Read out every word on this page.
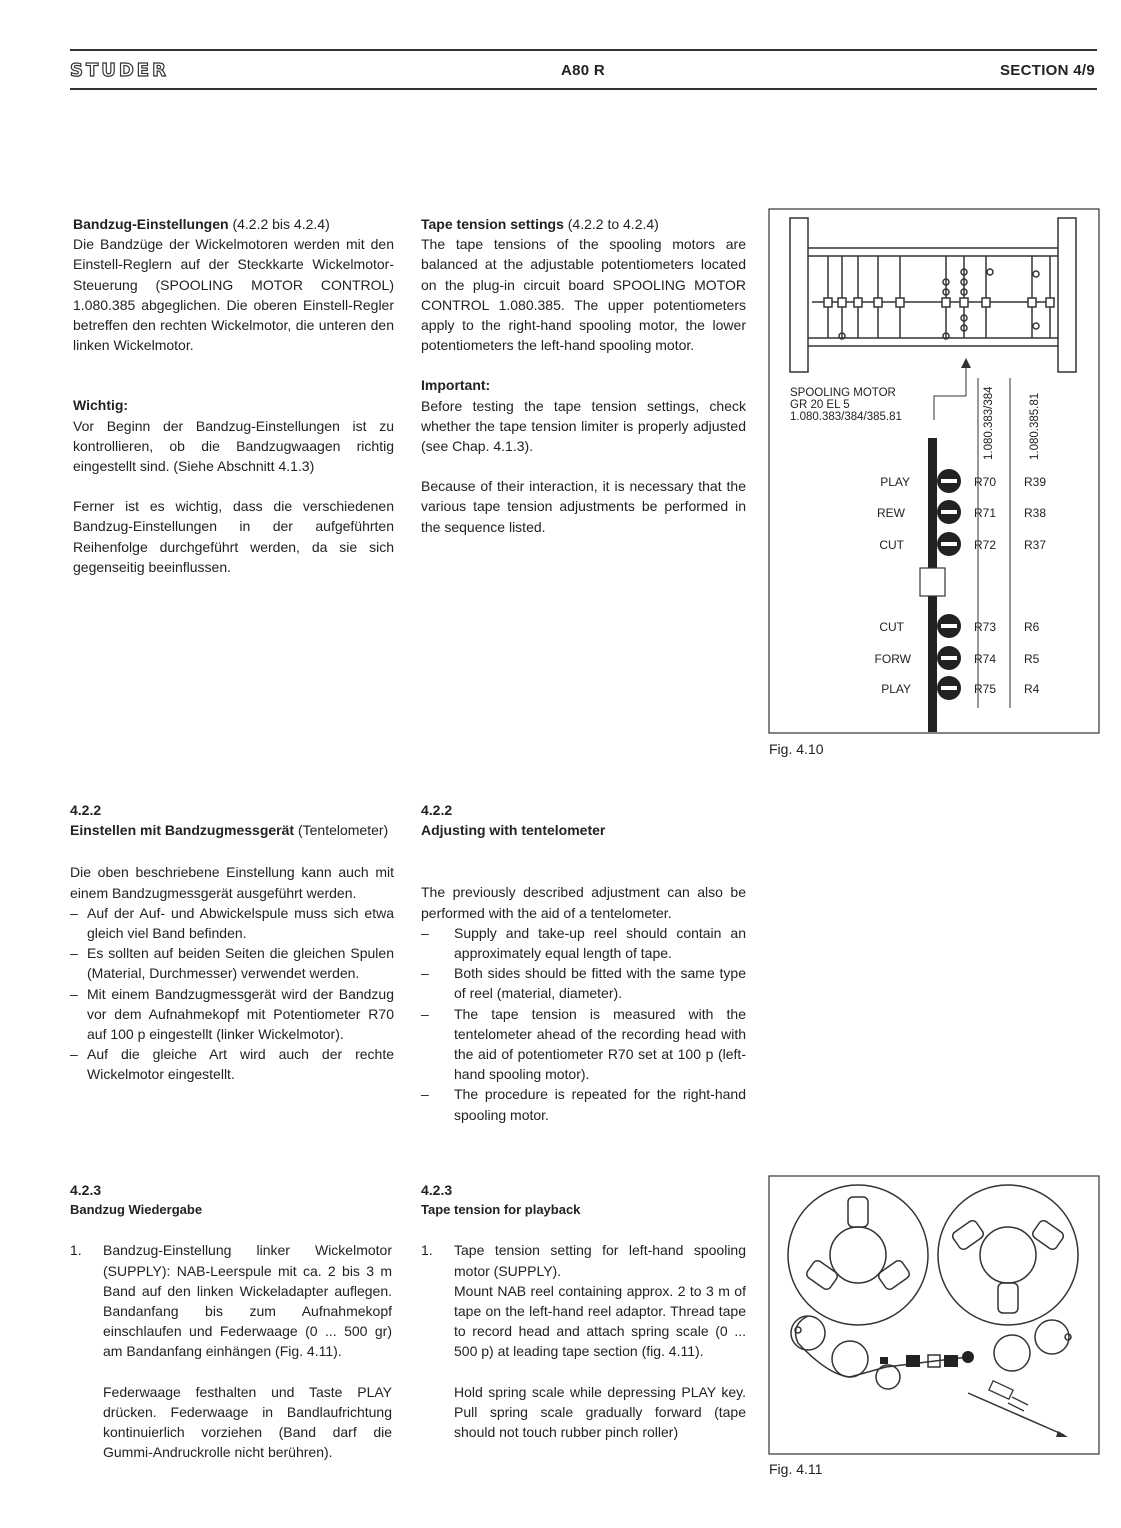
STUDER	A80 R	SECTION 4/9

Bandzug-Einstellungen (4.2.2 bis 4.2.4)

Die Bandzüge der Wickelmotoren werden mit den Einstell-Reglern auf der Steckkarte Wickelmotor-Steuerung (SPOOLING MOTOR CONTROL) 1.080.385 abgeglichen. Die oberen Einstell-Regler betreffen den rechten Wickelmotor, die unteren den linken Wickelmotor.

Wichtig:

Vor Beginn der Bandzug-Einstellungen ist zu kontrollieren, ob die Bandzugwaagen richtig eingestellt sind. (Siehe Abschnitt 4.1.3)

Ferner ist es wichtig, dass die verschiedenen Bandzug-Einstellungen in der aufgeführten Reihenfolge durchgeführt werden, da sie sich gegenseitig beeinflussen.

Tape tension settings (4.2.2 to 4.2.4)

The tape tensions of the spooling motors are balanced at the adjustable potentiometers located on the plug-in circuit board SPOOLING MOTOR CONTROL 1.080.385. The upper potentiometers apply to the right-hand spooling motor, the lower potentiometers the left-hand spooling motor.

Important:

Before testing the tape tension settings, check whether the tape tension limiter is properly adjusted (see Chap. 4.1.3).

Because of their interaction, it is necessary that the various tape tension adjustments be performed in the sequence listed.

SPOOLING MOTOR
GR 20 EL 5
1.080.383/384/385.81	1.080.383/384	1.080.385.81
PLAY	R70 R39
REW	R71 R38
CUT	R72 R37
CUT	R73 R6
FORW	R74 R5
PLAY	R75 R4
Fig. 4.10

4.2.2

Einstellen mit Bandzugmessgerät (Tentelometer)

Die oben beschriebene Einstellung kann auch mit einem Bandzugmessgerät ausgeführt werden.

– Auf der Auf- und Abwickelspule muss sich etwa gleich viel Band befinden.
– Es sollten auf beiden Seiten die gleichen Spulen (Material, Durchmesser) verwendet werden.
– Mit einem Bandzugmessgerät wird der Bandzug vor dem Aufnahmekopf mit Potentiometer R70 auf 100 p eingestellt (linker Wickelmotor).
– Auf die gleiche Art wird auch der rechte Wickelmotor eingestellt.

4.2.2

Adjusting with tentelometer

The previously described adjustment can also be performed with the aid of a tentelometer.

– Supply and take-up reel should contain an approximately equal length of tape.
– Both sides should be fitted with the same type of reel (material, diameter).
– The tape tension is measured with the tentelometer ahead of the recording head with the aid of potentiometer R70 set at 100 p (left-hand spooling motor).
– The procedure is repeated for the right-hand spooling motor.

4.2.3

Bandzug Wiedergabe

1. Bandzug-Einstellung linker Wickelmotor (SUPPLY): NAB-Leerspule mit ca. 2 bis 3 m Band auf den linken Wickeladapter auflegen. Bandanfang bis zum Aufnahmekopf einschlaufen und Federwaage (0 ... 500 gr) am Bandanfang einhängen (Fig. 4.11).

Federwaage festhalten und Taste PLAY drücken. Federwaage in Bandlaufrichtung kontinuierlich vorziehen (Band darf die Gummi-Andruckrolle nicht berühren).

4.2.3

Tape tension for playback

1. Tape tension setting for left-hand spooling motor (SUPPLY).

Mount NAB reel containing approx. 2 to 3 m of tape on the left-hand reel adaptor. Thread tape to record head and attach spring scale (0 ... 500 p) at leading tape section (fig. 4.11).

Hold spring scale while depressing PLAY key. Pull spring scale gradually forward (tape should not touch rubber pinch roller)

Fig. 4.11
